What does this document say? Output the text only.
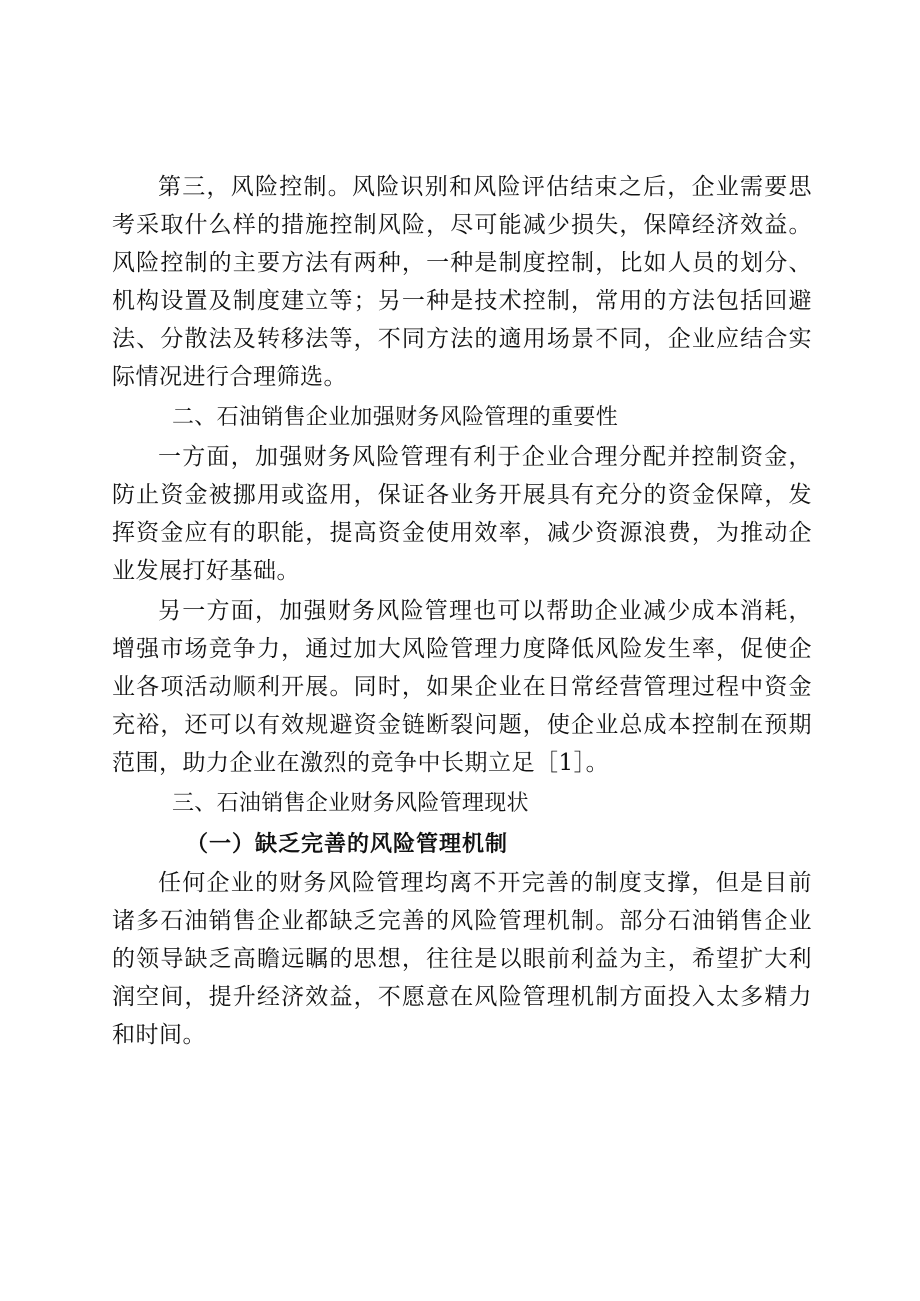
第三，风险控制。风险识别和风险评估结束之后，企业需要思考采取什么样的措施控制风险，尽可能减少损失，保障经济效益。风险控制的主要方法有两种，一种是制度控制，比如人员的划分、机构设置及制度建立等；另一种是技术控制，常用的方法包括回避法、分散法及转移法等，不同方法的適用场景不同，企业应结合实际情况进行合理筛选。

二、石油销售企业加强财务风险管理的重要性

一方面，加强财务风险管理有利于企业合理分配并控制资金，防止资金被挪用或盗用，保证各业务开展具有充分的资金保障，发挥资金应有的职能，提高资金使用效率，减少资源浪费，为推动企业发展打好基础。

另一方面，加强财务风险管理也可以帮助企业减少成本消耗，增强市场竞争力，通过加大风险管理力度降低风险发生率，促使企业各项活动顺利开展。同时，如果企业在日常经营管理过程中资金充裕，还可以有效规避资金链断裂问题，使企业总成本控制在预期范围，助力企业在激烈的竞争中长期立足［1］。

三、石油销售企业财务风险管理现状
（一）缺乏完善的风险管理机制

任何企业的财务风险管理均离不开完善的制度支撑，但是目前诸多石油销售企业都缺乏完善的风险管理机制。部分石油销售企业的领导缺乏高瞻远瞩的思想，往往是以眼前利益为主，希望扩大利润空间，提升经济效益，不愿意在风险管理机制方面投入太多精力和时间。
